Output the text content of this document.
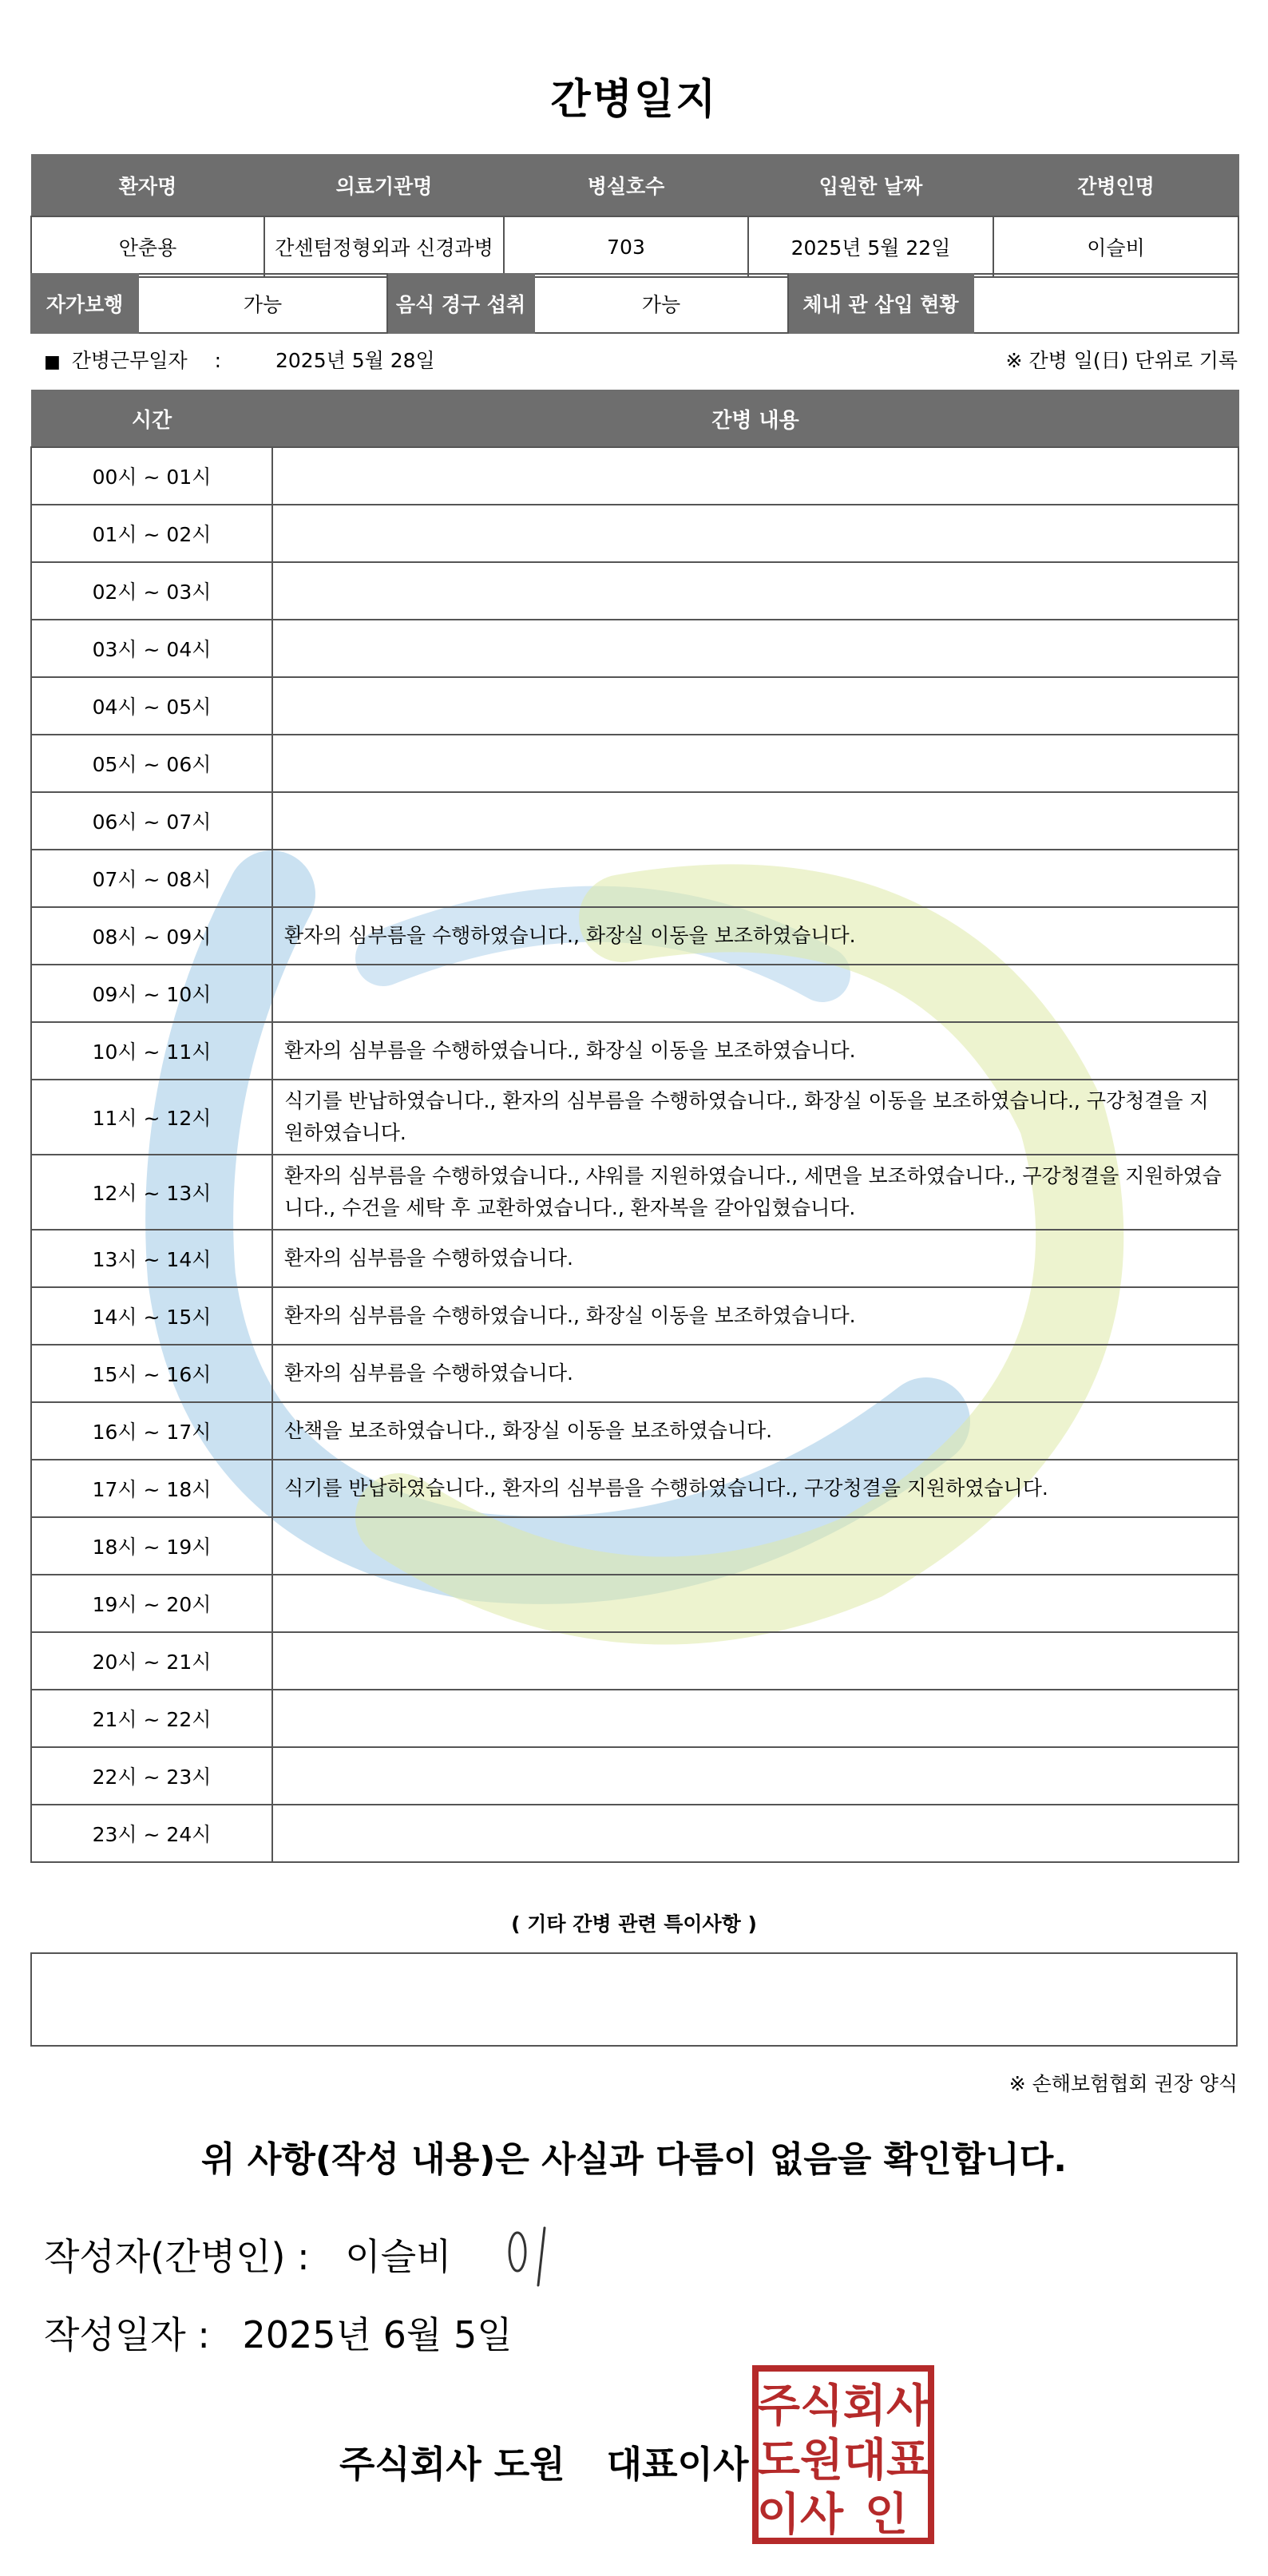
간병일지
환자명	의료기관명	병실호수	입원한 날짜	간병인명
안춘용	간센텀정형외과 신경과병	703	2025년 5월 22일	이슬비
자가보행	가능	음식 경구 섭취	가능	체내 관 삽입 현황	
■ 간병근무일자 :	2025년 5월 28일	※ 간병 일(日) 단위로 기록
시간	간병 내용
00시 ~ 01시	
01시 ~ 02시	
02시 ~ 03시	
03시 ~ 04시	
04시 ~ 05시	
05시 ~ 06시	
06시 ~ 07시	
07시 ~ 08시	
08시 ~ 09시	환자의 심부름을 수행하였습니다., 화장실 이동을 보조하였습니다.
09시 ~ 10시	
10시 ~ 11시	환자의 심부름을 수행하였습니다., 화장실 이동을 보조하였습니다.
11시 ~ 12시	식기를 반납하였습니다., 환자의 심부름을 수행하였습니다., 화장실 이동을 보조하였습니다., 구강청결을 지원하였습니다.
12시 ~ 13시	환자의 심부름을 수행하였습니다., 샤워를 지원하였습니다., 세면을 보조하였습니다., 구강청결을 지원하였습니다., 수건을 세탁 후 교환하였습니다., 환자복을 갈아입혔습니다.
13시 ~ 14시	환자의 심부름을 수행하였습니다.
14시 ~ 15시	환자의 심부름을 수행하였습니다., 화장실 이동을 보조하였습니다.
15시 ~ 16시	환자의 심부름을 수행하였습니다.
16시 ~ 17시	산책을 보조하였습니다., 화장실 이동을 보조하였습니다.
17시 ~ 18시	식기를 반납하였습니다., 환자의 심부름을 수행하였습니다., 구강청결을 지원하였습니다.
18시 ~ 19시	
19시 ~ 20시	
20시 ~ 21시	
21시 ~ 22시	
22시 ~ 23시	
23시 ~ 24시	
( 기타 간병 관련 특이사항 )
※ 손해보험협회 권장 양식
위 사항(작성 내용)은 사실과 다름이 없음을 확인합니다.
작성자(간병인) : 이슬비
작성일자 : 2025년 6월 5일
주식회사 도원 대표이사
주식 회사
도원 대표
이사 인
